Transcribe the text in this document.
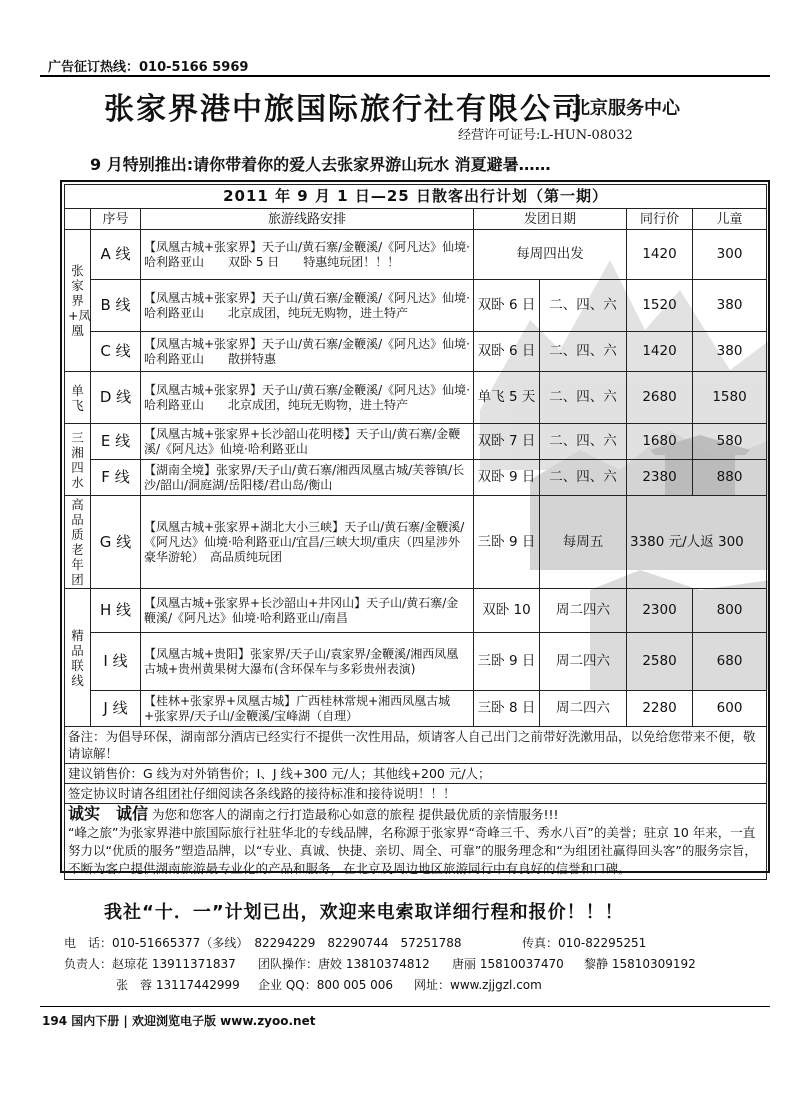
广告征订热线：010-5166 5969
张家界港中旅国际旅行社有限公司
北京服务中心
经营许可证号:L-HUN-08032
9 月特别推出:请你带着你的爱人去张家界游山玩水 消夏避暑……
2011 年 9 月 1 日—25 日散客出行计划（第一期）						
	序号	旅游线路安排	发团日期		同行价	儿童
张家界+凤凰	A 线	【凤凰古城+张家界】天子山/黄石寨/金鞭溪/《阿凡达》仙境·哈利路亚山　　双卧 5 日　　特惠纯玩团！！！	每周四出发		1420	300
	B 线	【凤凰古城+张家界】天子山/黄石寨/金鞭溪/《阿凡达》仙境·哈利路亚山　　北京成团，纯玩无购物，进土特产	双卧 6 日	二、四、六	1520	380
	C 线	【凤凰古城+张家界】天子山/黄石寨/金鞭溪/《阿凡达》仙境·哈利路亚山　　散拼特惠	双卧 6 日	二、四、六	1420	380
单飞	D 线	【凤凰古城+张家界】天子山/黄石寨/金鞭溪/《阿凡达》仙境·哈利路亚山　　北京成团，纯玩无购物，进土特产	单飞 5 天	二、四、六	2680	1580
三湘四水	E 线	【凤凰古城+张家界+长沙韶山花明楼】天子山/黄石寨/金鞭溪/《阿凡达》仙境·哈利路亚山	双卧 7 日	二、四、六	1680	580
	F 线	【湖南全境】张家界/天子山/黄石寨/湘西凤凰古城/芙蓉镇/长沙/韶山/洞庭湖/岳阳楼/君山岛/衡山	双卧 9 日	二、四、六	2380	880
高品质老年团	G 线	【凤凰古城+张家界+湖北大小三峡】天子山/黄石寨/金鞭溪/《阿凡达》仙境·哈利路亚山/宜昌/三峡大坝/重庆（四星涉外豪华游轮）　高品质纯玩团	三卧 9 日	每周五	3380 元/人返 300	
精品联线	H 线	【凤凰古城+张家界+长沙韶山+井冈山】天子山/黄石寨/金鞭溪/《阿凡达》仙境·哈利路亚山/南昌	双卧 10	周二四六	2300	800
	I 线	【凤凰古城+贵阳】张家界/天子山/袁家界/金鞭溪/湘西凤凰古城+贵州黄果树大瀑布(含环保车与多彩贵州表演)	三卧 9 日	周二四六	2580	680
	J 线	【桂林+张家界+凤凰古城】广西桂林常规+湘西凤凰古城+张家界/天子山/金鞭溪/宝峰湖（自理）	三卧 8 日	周二四六	2280	600
备注：为倡导环保，湖南部分酒店已经实行不提供一次性用品，烦请客人自己出门之前带好洗漱用品，以免给您带来不便，敬请谅解！						
建议销售价：G 线为对外销售价；I、J 线+300 元/人；其他线+200 元/人；						
签定协议时请各组团社仔细阅读各条线路的接待标准和接待说明！！！						
诚实　诚信 为您和您客人的湖南之行打造最称心如意的旅程 提供最优质的亲情服务!!!
“峰之旅”为张家界港中旅国际旅行社驻华北的专线品牌，名称源于张家界“奇峰三千、秀水八百”的美誉；驻京 10 年来，一直努力以“优质的服务”塑造品牌，以“专业、真诚、快捷、亲切、周全、可靠”的服务理念和“为组团社赢得回头客”的服务宗旨，不断为客户提供湖南旅游最专业化的产品和服务，在北京及周边地区旅游同行中有良好的信誉和口碑。						
我社“十．一”计划已出，欢迎来电索取详细行程和报价！！！
电　话：010-51665377（多线）　82294229　82290744　57251788	传真：010-82295251
负责人：赵琼花 13911371837 团队操作：唐姣 13810374812 唐丽 15810037470 黎静 15810309192
张　蓉 13117442999 企业 QQ：800 005 006 网址：www.zjjgzl.com
194 国内下册 | 欢迎浏览电子版 www.zyoo.net
